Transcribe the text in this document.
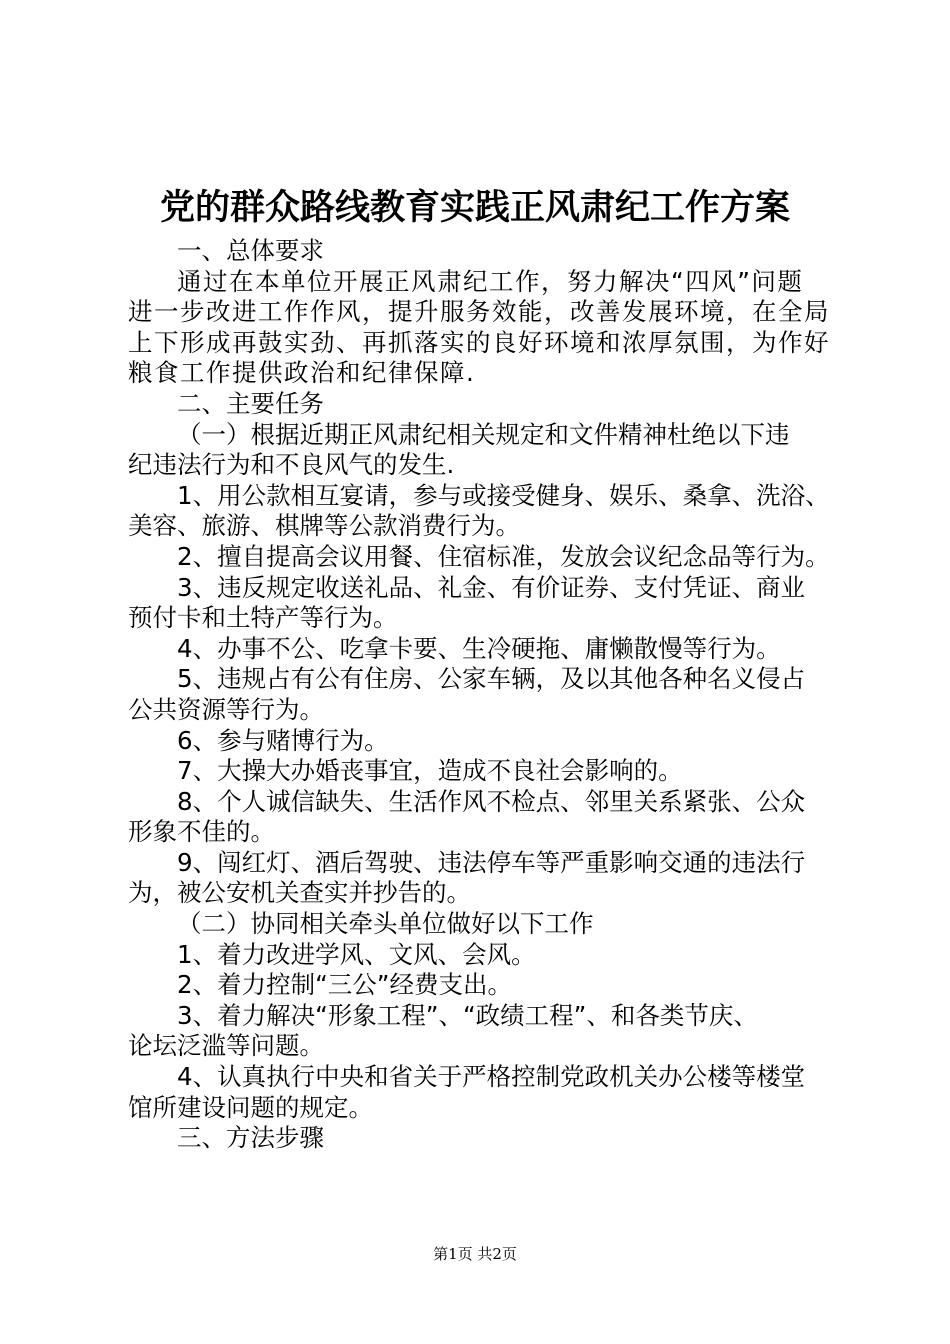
党的群众路线教育实践正风肃纪工作方案
一、总体要求
通过在本单位开展正风肃纪工作，努力解决“四风”问题
进一步改进工作作风，提升服务效能，改善发展环境，在全局
上下形成再鼓实劲、再抓落实的良好环境和浓厚氛围，为作好
粮食工作提供政治和纪律保障.
二、主要任务
（一）根据近期正风肃纪相关规定和文件精神杜绝以下违
纪违法行为和不良风气的发生.
1、用公款相互宴请，参与或接受健身、娱乐、桑拿、洗浴、
美容、旅游、棋牌等公款消费行为。
2、擅自提高会议用餐、住宿标准，发放会议纪念品等行为。
3、违反规定收送礼品、礼金、有价证券、支付凭证、商业
预付卡和土特产等行为。
4、办事不公、吃拿卡要、生冷硬拖、庸懒散慢等行为。
5、违规占有公有住房、公家车辆，及以其他各种名义侵占
公共资源等行为。
6、参与赌博行为。
7、大操大办婚丧事宜，造成不良社会影响的。
8、个人诚信缺失、生活作风不检点、邻里关系紧张、公众
形象不佳的。
9、闯红灯、酒后驾驶、违法停车等严重影响交通的违法行
为，被公安机关查实并抄告的。
（二）协同相关牵头单位做好以下工作
1、着力改进学风、文风、会风。
2、着力控制“三公”经费支出。
3、着力解决“形象工程”、“政绩工程”、和各类节庆、
论坛泛滥等问题。
4、认真执行中央和省关于严格控制党政机关办公楼等楼堂
馆所建设问题的规定。
三、方法步骤
第1页 共2页
